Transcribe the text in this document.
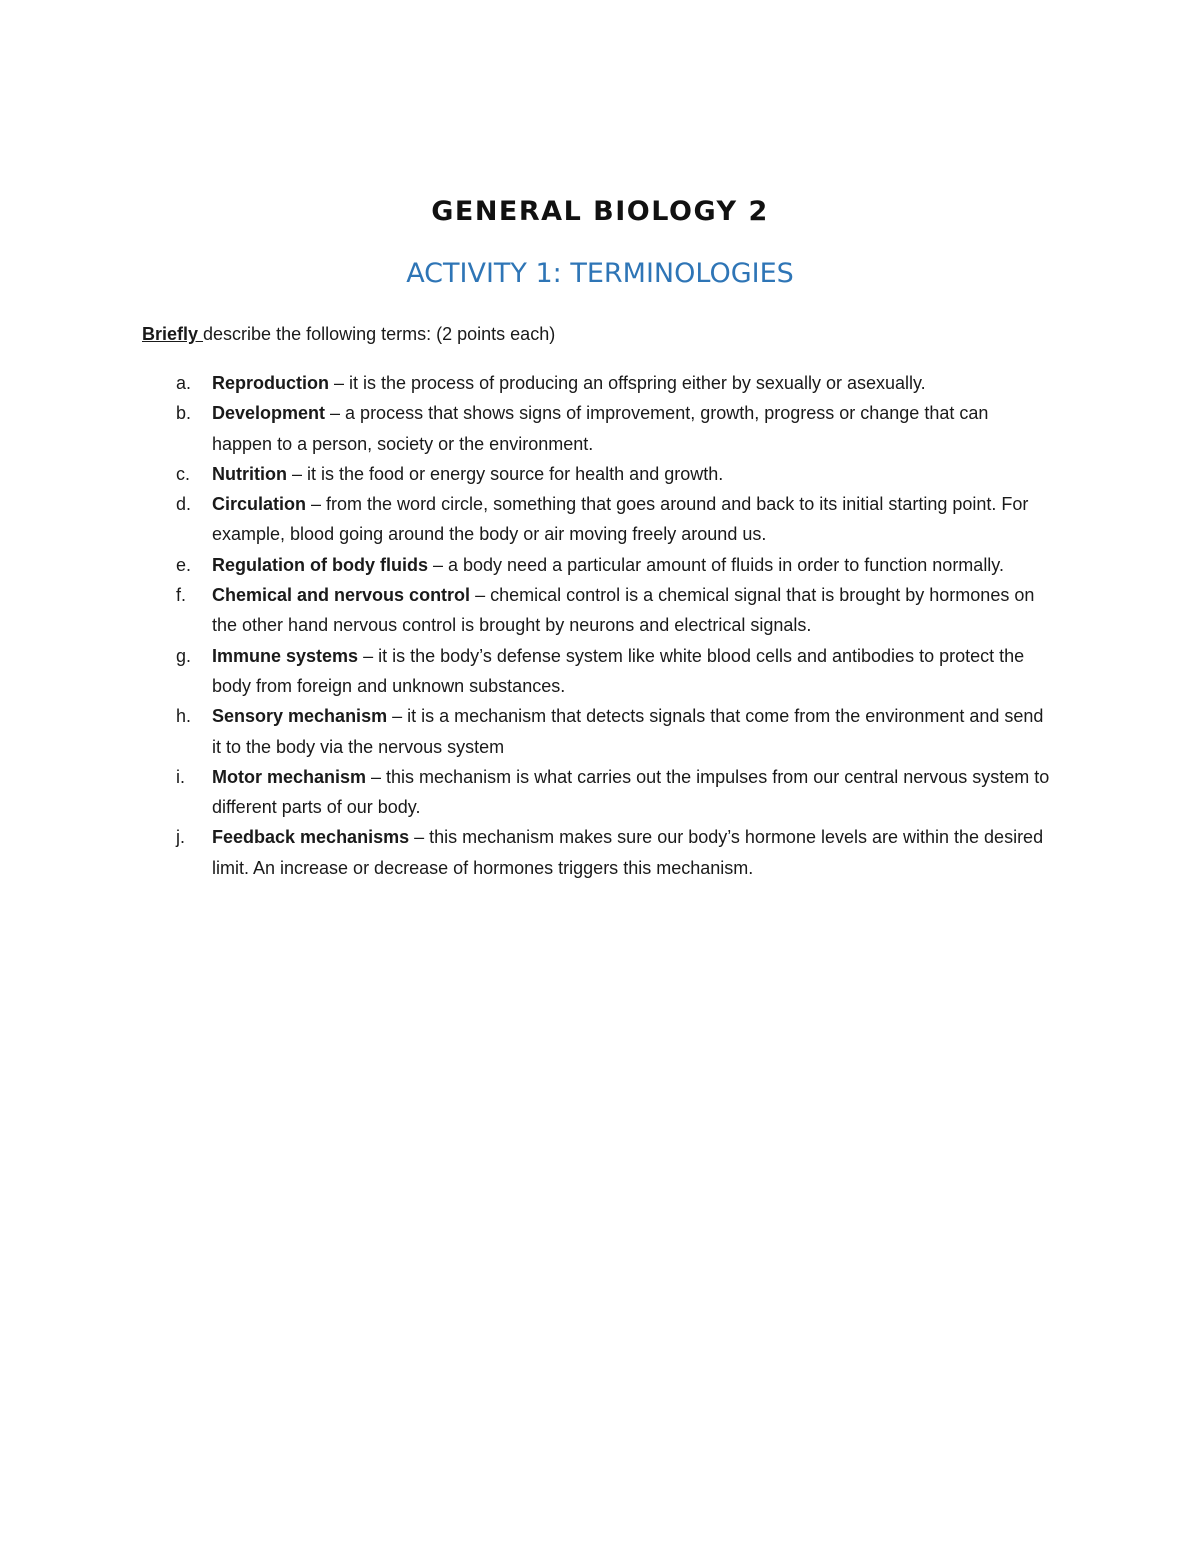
GENERAL BIOLOGY 2
ACTIVITY 1: TERMINOLOGIES
Briefly describe the following terms: (2 points each)
a. Reproduction – it is the process of producing an offspring either by sexually or asexually.
b. Development – a process that shows signs of improvement, growth, progress or change that can happen to a person, society or the environment.
c. Nutrition – it is the food or energy source for health and growth.
d. Circulation – from the word circle, something that goes around and back to its initial starting point. For example, blood going around the body or air moving freely around us.
e. Regulation of body fluids – a body need a particular amount of fluids in order to function normally.
f. Chemical and nervous control – chemical control is a chemical signal that is brought by hormones on the other hand nervous control is brought by neurons and electrical signals.
g. Immune systems – it is the body’s defense system like white blood cells and antibodies to protect the body from foreign and unknown substances.
h. Sensory mechanism – it is a mechanism that detects signals that come from the environment and send it to the body via the nervous system
i. Motor mechanism – this mechanism is what carries out the impulses from our central nervous system to different parts of our body.
j. Feedback mechanisms – this mechanism makes sure our body’s hormone levels are within the desired limit. An increase or decrease of hormones triggers this mechanism.
